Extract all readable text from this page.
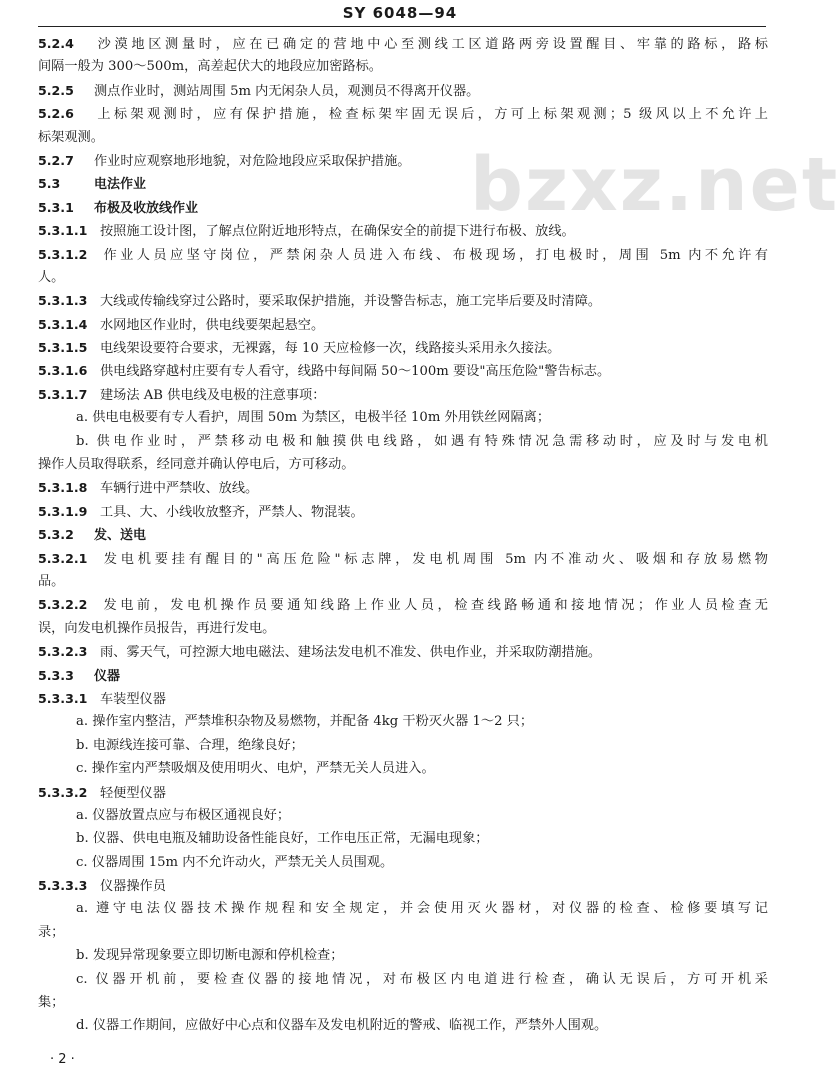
SY 6048—94
bzxz.net
5.2.4 沙漠地区测量时，应在已确定的营地中心至测线工区道路两旁设置醒目、牢靠的路标，路标
间隔一般为 300～500m，高差起伏大的地段应加密路标。
5.2.5 测点作业时，测站周围 5m 内无闲杂人员，观测员不得离开仪器。
5.2.6 上标架观测时，应有保护措施，检查标架牢固无误后，方可上标架观测；5 级风以上不允许上
标架观测。
5.2.7 作业时应观察地形地貌，对危险地段应采取保护措施。
5.3	电法作业
5.3.1 布极及收放线作业
5.3.1.1 按照施工设计图，了解点位附近地形特点，在确保安全的前提下进行布极、放线。
5.3.1.2 作业人员应坚守岗位，严禁闲杂人员进入布线、布极现场，打电极时，周围 5m 内不允许有
人。
5.3.1.3 大线或传输线穿过公路时，要采取保护措施，并设警告标志，施工完毕后要及时清障。
5.3.1.4 水网地区作业时，供电线要架起悬空。
5.3.1.5 电线架设要符合要求，无裸露，每 10 天应检修一次，线路接头采用永久接法。
5.3.1.6 供电线路穿越村庄要有专人看守，线路中每间隔 50～100m 要设"高压危险"警告标志。
5.3.1.7 建场法 AB 供电线及电极的注意事项：
a. 供电电极要有专人看护，周围 50m 为禁区，电极半径 10m 外用铁丝网隔离；
b. 供电作业时，严禁移动电极和触摸供电线路，如遇有特殊情况急需移动时，应及时与发电机
操作人员取得联系，经同意并确认停电后，方可移动。
5.3.1.8 车辆行进中严禁收、放线。
5.3.1.9 工具、大、小线收放整齐，严禁人、物混装。
5.3.2 发、送电
5.3.2.1 发电机要挂有醒目的"高压危险"标志牌，发电机周围 5m 内不准动火、吸烟和存放易燃物
品。
5.3.2.2 发电前，发电机操作员要通知线路上作业人员，检查线路畅通和接地情况；作业人员检查无
误，向发电机操作员报告，再进行发电。
5.3.2.3 雨、雾天气，可控源大地电磁法、建场法发电机不准发、供电作业，并采取防潮措施。
5.3.3 仪器
5.3.3.1 车装型仪器
a. 操作室内整洁，严禁堆积杂物及易燃物，并配备 4kg 干粉灭火器 1～2 只；
b. 电源线连接可靠、合理，绝缘良好；
c. 操作室内严禁吸烟及使用明火、电炉，严禁无关人员进入。
5.3.3.2 轻便型仪器
a. 仪器放置点应与布极区通视良好；
b. 仪器、供电电瓶及辅助设备性能良好，工作电压正常，无漏电现象；
c. 仪器周围 15m 内不允许动火，严禁无关人员围观。
5.3.3.3 仪器操作员
a. 遵守电法仪器技术操作规程和安全规定，并会使用灭火器材，对仪器的检查、检修要填写记
录；
b. 发现异常现象要立即切断电源和停机检查；
c. 仪器开机前，要检查仪器的接地情况，对布极区内电道进行检查，确认无误后，方可开机采
集；
d. 仪器工作期间，应做好中心点和仪器车及发电机附近的警戒、临视工作，严禁外人围观。
· 2 ·
